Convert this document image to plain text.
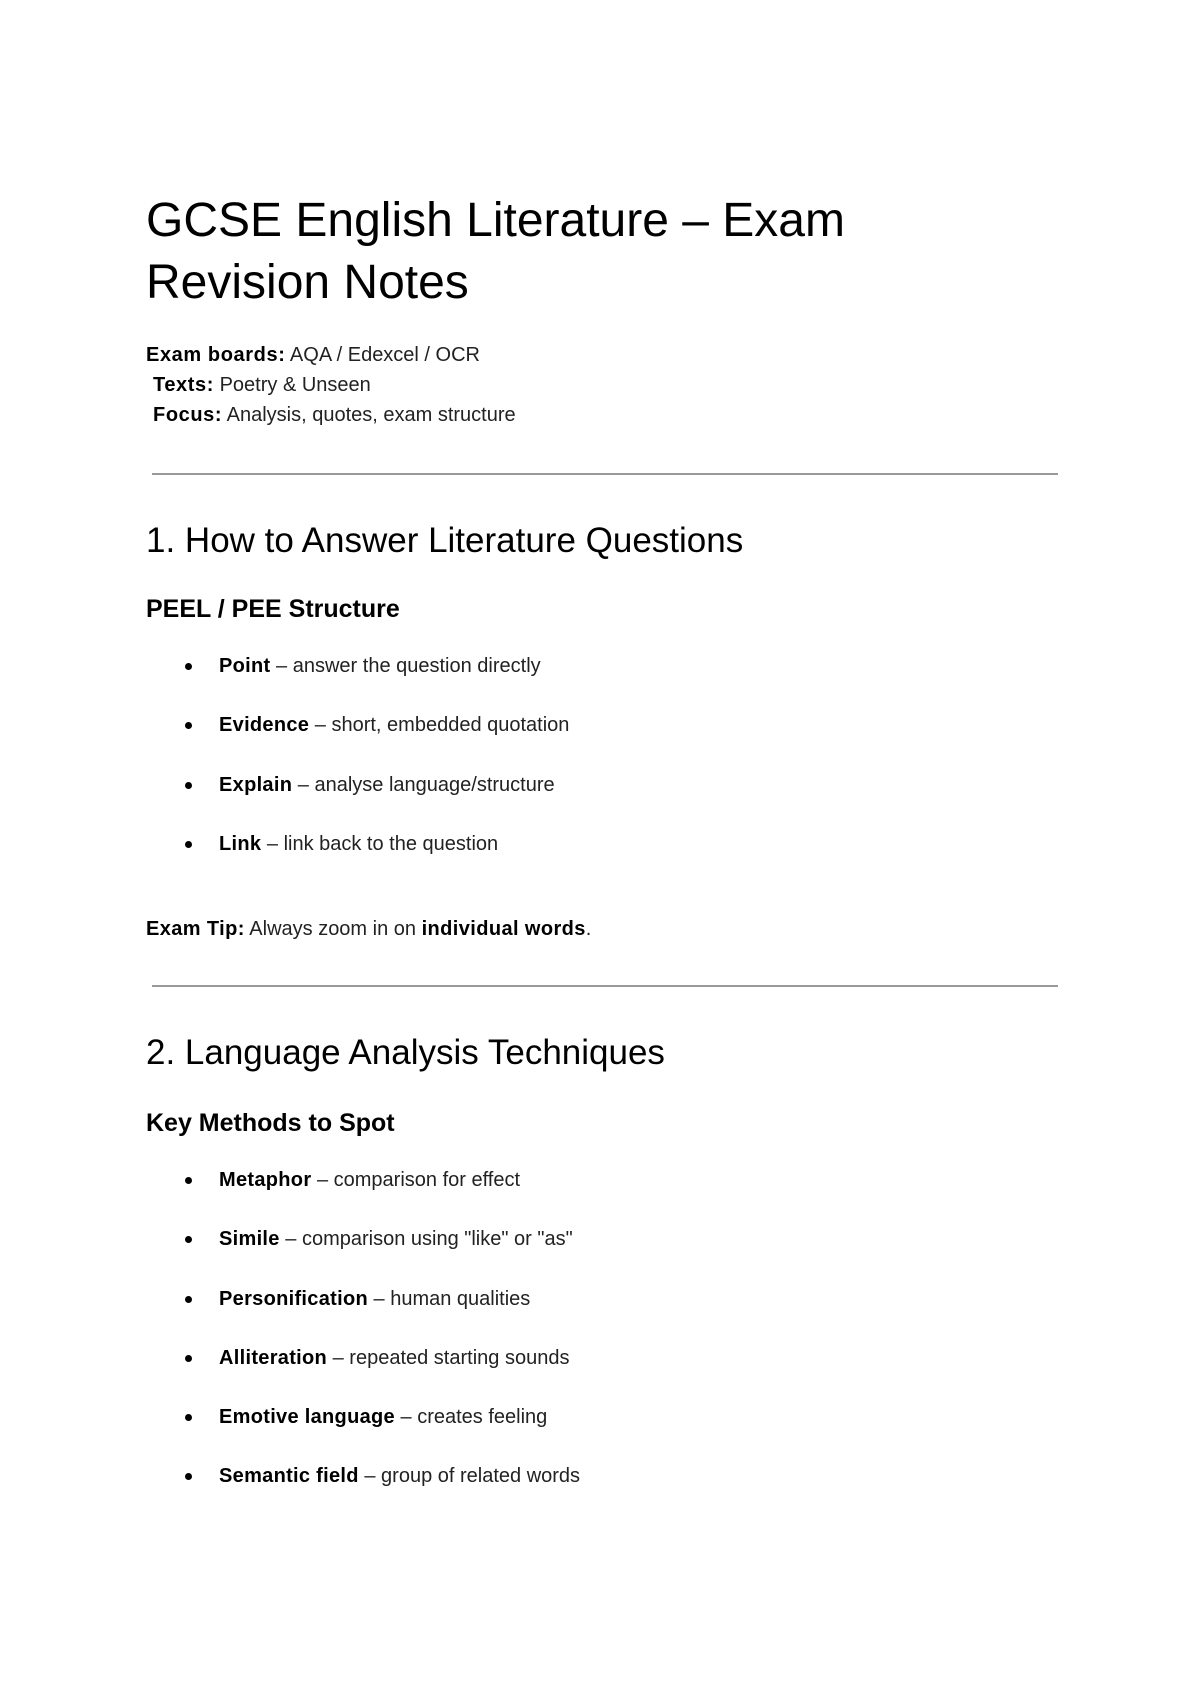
GCSE English Literature – Exam Revision Notes
Exam boards: AQA / Edexcel / OCR
Texts: Poetry & Unseen
Focus: Analysis, quotes, exam structure
1. How to Answer Literature Questions
PEEL / PEE Structure
Point – answer the question directly
Evidence – short, embedded quotation
Explain – analyse language/structure
Link – link back to the question
Exam Tip: Always zoom in on individual words.
2. Language Analysis Techniques
Key Methods to Spot
Metaphor – comparison for effect
Simile – comparison using "like" or "as"
Personification – human qualities
Alliteration – repeated starting sounds
Emotive language – creates feeling
Semantic field – group of related words
